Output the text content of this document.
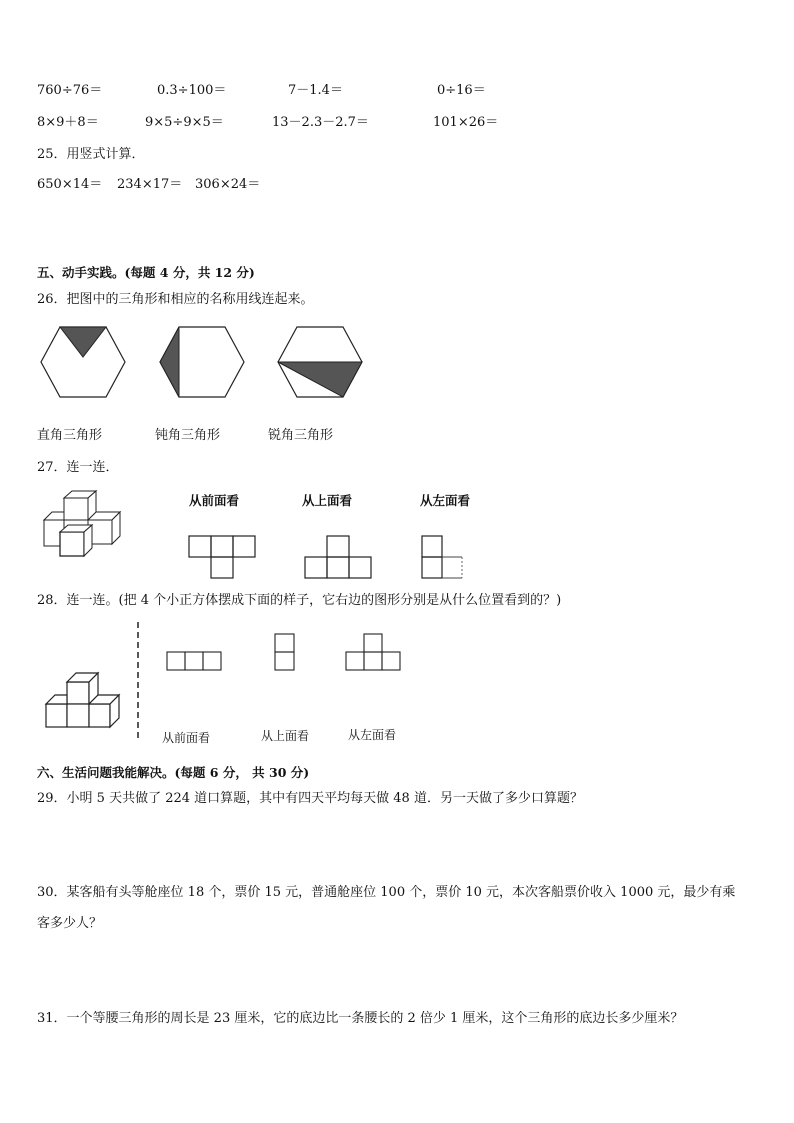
760÷76＝	0.3÷100＝	7－1.4＝	0÷16＝
8×9＋8＝	9×5÷9×5＝	13－2.3－2.7＝	101×26＝
25．用竖式计算．
650×14＝ 234×17＝ 306×24＝
五、动手实践。(每题 4 分，共 12 分)
26．把图中的三角形和相应的名称用线连起来。
直角三角形	钝角三角形	锐角三角形
27．连一连．
从前面看	从上面看	从左面看
28．连一连。(把 4 个小正方体摆成下面的样子，它右边的图形分别是从什么位置看到的？)
从前面看	从上面看	从左面看
六、生活问题我能解决。(每题 6 分， 共 30 分)
29．小明 5 天共做了 224 道口算题，其中有四天平均每天做 48 道．另一天做了多少口算题？
30．某客船有头等舱座位 18 个，票价 15 元，普通舱座位 100 个，票价 10 元，本次客船票价收入 1000 元，最少有乘
客多少人？
31．一个等腰三角形的周长是 23 厘米，它的底边比一条腰长的 2 倍少 1 厘米，这个三角形的底边长多少厘米？
